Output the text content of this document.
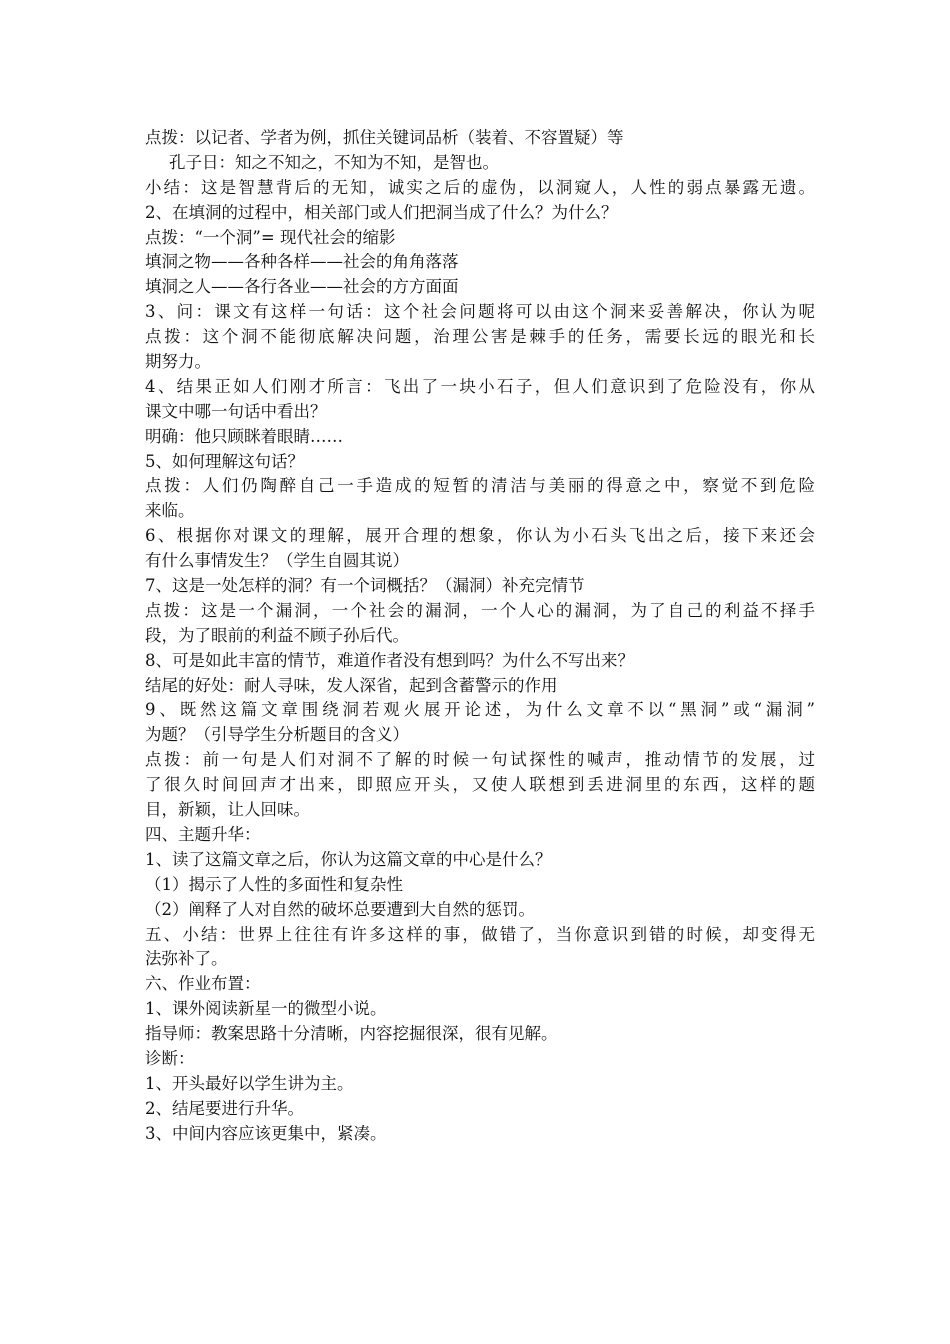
点拨：以记者、学者为例，抓住关键词品析（装着、不容置疑）等
孔子日：知之不知之，不知为不知，是智也。
小结：这是智慧背后的无知，诚实之后的虚伪，以洞窥人，人性的弱点暴露无遗。
2、在填洞的过程中，相关部门或人们把洞当成了什么？为什么？
点拨：“一个洞”= 现代社会的缩影
填洞之物——各种各样——社会的角角落落
填洞之人——各行各业——社会的方方面面
3、问：课文有这样一句话：这个社会问题将可以由这个洞来妥善解决，你认为呢
点拨：这个洞不能彻底解决问题，治理公害是棘手的任务，需要长远的眼光和长
期努力。
4、结果正如人们刚才所言：飞出了一块小石子，但人们意识到了危险没有，你从
课文中哪一句话中看出？
明确：他只顾眯着眼睛……
5、如何理解这句话？
点拨：人们仍陶醉自己一手造成的短暂的清洁与美丽的得意之中，察觉不到危险
来临。
6、根据你对课文的理解，展开合理的想象，你认为小石头飞出之后，接下来还会
有什么事情发生？（学生自圆其说）
7、这是一处怎样的洞？有一个词概括？（漏洞）补充完情节
点拨：这是一个漏洞，一个社会的漏洞，一个人心的漏洞，为了自己的利益不择手
段，为了眼前的利益不顾子孙后代。
8、可是如此丰富的情节，难道作者没有想到吗？为什么不写出来？
结尾的好处：耐人寻味，发人深省，起到含蓄警示的作用
9、既然这篇文章围绕洞若观火展开论述，为什么文章不以“黑洞”或“漏洞”
为题？（引导学生分析题目的含义）
点拨：前一句是人们对洞不了解的时候一句试探性的喊声，推动情节的发展，过
了很久时间回声才出来，即照应开头，又使人联想到丢进洞里的东西，这样的题
目，新颖，让人回味。
四、主题升华：
1、读了这篇文章之后，你认为这篇文章的中心是什么？
（1）揭示了人性的多面性和复杂性
（2）阐释了人对自然的破坏总要遭到大自然的惩罚。
五、小结：世界上往往有许多这样的事，做错了，当你意识到错的时候，却变得无
法弥补了。
六、作业布置：
1、课外阅读新星一的微型小说。
指导师：教案思路十分清晰，内容挖掘很深，很有见解。
诊断：
1、开头最好以学生讲为主。
2、结尾要进行升华。
3、中间内容应该更集中，紧凑。
